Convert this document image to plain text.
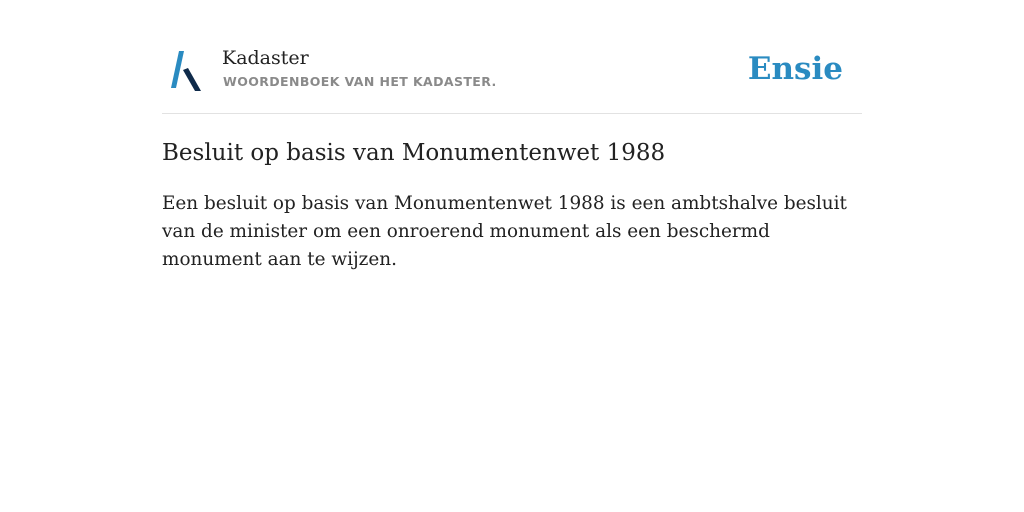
Kadaster
WOORDENBOEK VAN HET KADASTER.	Ensie
Besluit op basis van Monumentenwet 1988

Een besluit op basis van Monumentenwet 1988 is een ambtshalve besluit van de minister om een onroerend monument als een beschermd monument aan te wijzen.
